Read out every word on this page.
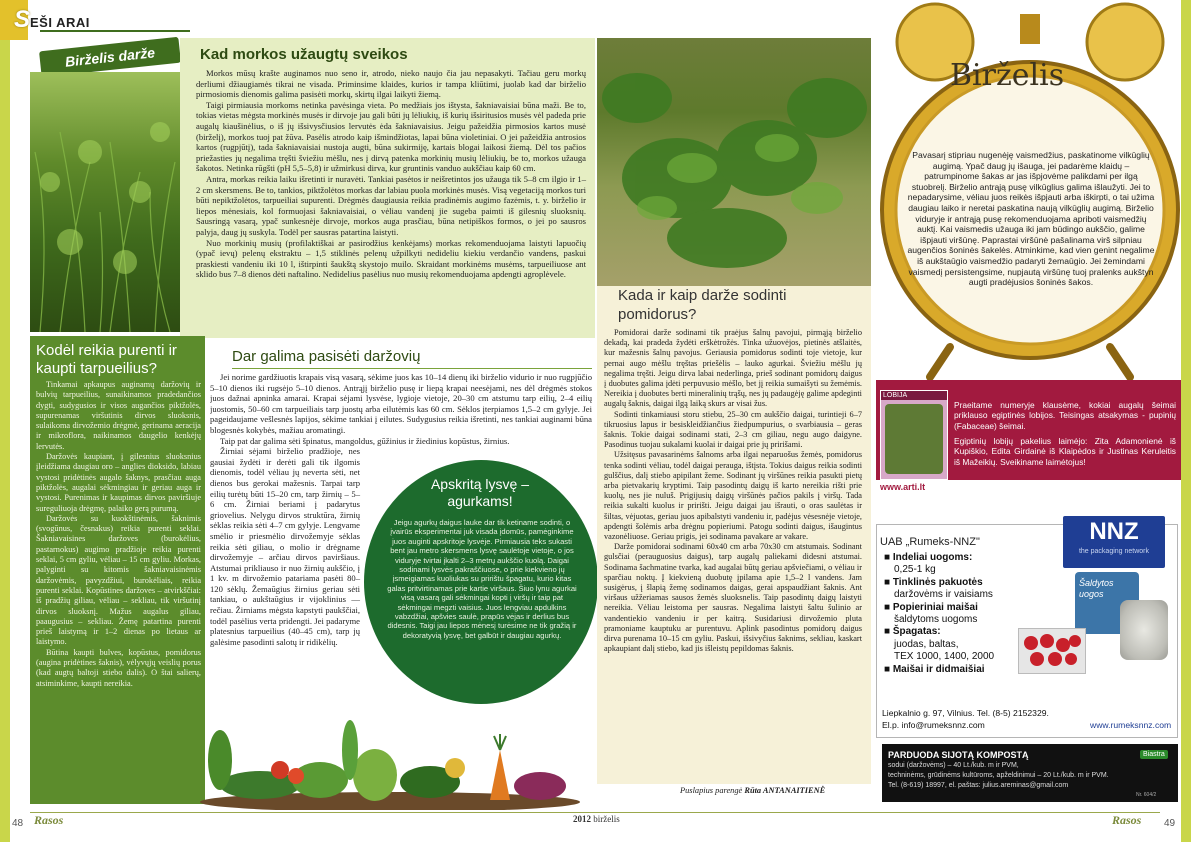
SEŠI ARAI
Birželis darže	Kad morkos užaugtų sveikos

Morkos mūsų krašte auginamos nuo seno ir, atrodo, nieko naujo čia jau nepasakyti. Tačiau geru morkų derliumi džiaugiamės tikrai ne visada. Priminsime klaides, kurios ir tampa kliūtimi, juolab kad dar birželio pirmosiomis dienomis galima pasisėti morkų, skirtų ilgai laikyti žiemą.

Taigi pirmiausia morkoms netinka pavėsinga vieta. Po medžiais jos ištysta, šakniavaisiai būna maži. Be to, tokias vietas mėgsta morkinės musės ir dirvoje jau gali būti jų lėliukių, iš kurių išsiritusios musės vėl padeda prie augalų kiaušinėlius, o iš jų išsivysčiusios lervutės ėda šakniavaisius. Jeigu pažeidžia pirmosios kartos musė (birželį), morkos tuoj pat žūva. Pasėlis atrodo kaip išmindžiotas, lapai būna violetiniai. O jei pažeidžia antrosios kartos (rugpjūtį), tada šakniavaisiai nustoja augti, būna sukirmiję, kartais blogai laikosi žiemą. Dėl tos pačios priežasties jų negalima tręšti šviežiu mėšlu, nes į dirvą patenka morkinių musių lėliukių, be to, morkos užauga šakotos. Netinka rūgšti (pH 5,5–5,8) ir užmirkusi dirva, kur gruntinis vanduo aukščiau kaip 60 cm.

Antra, morkas reikia laiku išretinti ir nuravėti. Tankiai pasėtos ir neišretintos jos užauga tik 5–8 cm ilgio ir 1–2 cm skersmens. Be to, tankios, piktžolėtos morkas dar labiau puola morkinės musės. Visą vegetaciją morkos turi būti nepiktžolėtos, tarpueiliai supurenti. Drėgmės daugiausia reikia pradinėmis augimo fazėmis, t. y. birželio ir liepos mėnesiais, kol formuojasi šakniavaisiai, o vėliau vandenį jie sugeba paimti iš gilesnių sluoksnių. Sausringą vasarą, ypač sunkesnėje dirvoje, morkos auga prasčiau, būna netipiškos formos, o jei po sausros palyja, daug jų suskyla. Todėl per sausras patartina laistyti.

Nuo morkinių musių (profilaktiškai ar pasirodžius kenkėjams) morkas rekomenduojama laistyti lapuočių (ypač ievų) pelenų ekstraktu – 1,5 stiklinės pelenų užpilkyti nedideliu kiekiu verdančio vandens, paskui praskiesti vandeniu iki 10 l, ištirpinti šaukštą skystojo muilo. Skraidant morkinėms musėms, tarpueiliuose ant sklido bus 7–8 dienos dėti naftalino. Nedidelius pasėlius nuo musių rekomenduojama apdengti agroplėvele.

Kodėl reikia purenti ir kaupti tarpueilius?

Tinkamai apkaupus auginamų daržovių ir bulvių tarpueilius, sunaikinamos pradedančios dygti, sudygusios ir visos augančios piktžolės, supurenamas viršutinis dirvos sluoksnis, sulaikoma dirvožemio drėgmė, gerinama aeracija ir mikroflora, naikinamos daugelio kenkėjų lervutės.

Daržovės kaupiant, į gilesnius sluoksnius įleidžiama daugiau oro – anglies dioksido, labiau vystosi pridėtinės augalo šaknys, prasčiau auga piktžolės, augalai sėkmingiau ir geriau auga ir vystosi. Purenimas ir kaupimas dirvos paviršiuje sureguliuoja drėgmę, palaiko gerą purumą.

Daržovės su kuokštinėmis, šaknimis (svogūnus, česnakus) reikia purenti seklai. Šakniavaisines daržoves (burokėlius, pastarnokus) augimo pradžioje reikia purenti seklai, 5 cm gyliu, vėliau – 15 cm gyliu. Morkas, palyginti su kitomis šakniavaisinėmis daržovėmis, pavyzdžiui, burokėliais, reikia purenti seklai. Kopūstines daržoves – atvirkščiai: iš pradžių giliau, vėliau – sekliau, tik viršutinį dirvos sluoksnį. Mažus augalus giliau, paaugusius – sekliau. Žemę patartina purenti prieš laistymą ir 1–2 dienas po lietaus ar laistymo.

Būtina kaupti bulves, kopūstus, pomidorus (augina pridėtines šaknis), vėlyvųjų veislių porus (kad augtų baltoji stiebo dalis). O štai salierų, atsiminkime, kaupti nereikia.

Dar galima pasisėti daržovių

Jei norime gardžiuotis krapais visą vasarą, sėkime juos kas 10–14 dienų iki birželio vidurio ir nuo rugpjūčio 5–10 dienos iki rugsėjo 5–10 dienos. Antrąjį birželio pusę ir liepą krapai neesėjami, nes dėl drėgmės stokos juos dažnai apninka amarai. Krapai sėjami lysvėse, lygioje vietoje, 20–30 cm atstumu tarp eilių, 2–4 eilių juostomis, 50–60 cm tarpueiliais tarp juostų arba eilutėmis kas 60 cm. Sėklos įterpiamos 1,5–2 cm gylyje. Jei pageidaujame vešlesnės lapijos, sėkime tankiai į eilutes. Sudygusius reikia išretinti, nes tankiai auginami būna blogesnės kokybės, mažiau aromatingi.

Taip pat dar galima sėti špinatus, mangoldus, gūžinius ir žiedinius kopūstus, žirnius.

Žirniai sėjami birželio pradžioje, nes gausiai žydėti ir derėti gali tik ilgomis dienomis, todėl vėliau jų neverta sėti, net dienos bus gerokai mažesnis. Tarpai tarp eilių turėtų būti 15–20 cm, tarp žirnių – 5–6 cm. Žirniai beriami į padarytus griovelius. Nelygu dirvos struktūra, žirnių sėklas reikia sėti 4–7 cm gylyje. Lengvame smėlio ir priesmėlio dirvožemyje sėklas reikia sėti giliau, o molio ir drėgname dirvožemyje – arčiau dirvos paviršiaus. Atstumai prikliauso ir nuo žirnių aukščio, į 1 kv. m dirvožemio patariama pasėti 80–120 sėklų. Žemaūgius žirnius geriau sėti tankiau, o aukštaūgius ir vijoklinius — rečiau. Žirniams mėgsta kapstyti paukščiai, todėl pasėlius verta pridengti. Jei padaryme platesnius tarpueilius (40–45 cm), tarp jų galėsime pasodinti salotų ir ridikėlių.

Apskritą lysvę –
agurkams!
Jeigu agurkų daigus lauke dar tik ketiname sodinti, o įvairūs eksperimentai juk visada įdomūs, pamėginkime juos auginti apskritoje lysvėje. Pirmiausia teks sukasti bent jau metro skersmens lysvę saulėtoje vietoje, o jos viduryje tvirtai įkalti 2–3 metrų aukščio kuolą. Daigai sodinami lysvės pakraščiuose, o prie kiekvieno jų įsmeigiamas kuoliukas su pririštu špagatu, kurio kitas galas pritvirtinamas prie kartie viršaus. Šiuo lynu agurkai visą vasarą gali sėkmingai kopti į viršų ir taip pat sėkmingai megzti vaisius. Juos lengviau apdulkins vabzdžiai, apšvies saulė, prapūs vėjas ir derlius bus didesnis. Taigi jau liepos mėnesį turėsime ne tik gražią ir dekoratyvią lysvę, bet galbūt ir daugiau agurkų.
Kada ir kaip darže sodinti
pomidorus?

Pomidorai darže sodinami tik praėjus šalnų pavojui, pirmąją birželio dekadą, kai pradeda žydėti erškėtrožės. Tinka užuovėjos, pietinės atšlaitės, kur mažesnis šalnų pavojus. Geriausia pomidorus sodinti toje vietoje, kur pernai augo mėšlu tręštas priešėlis – lauko agurkai. Šviežiu mėšlu jų negalima tręšti. Jeigu dirva labai nederlinga, prieš sodinant pomidorų daigus į duobutes galima įdėti perpuvusio mėšlo, bet jį reikia sumaišyti su žemėmis. Nereikia į duobutes berti mineralinių trąšų, nes jų padaugėję galime apdeginti augalų šaknis, daigai ilgą laiką skurs ar visai žus.

Sodinti tinkamiausi storu stiebu, 25–30 cm aukščio daigai, turintieji 6–7 tikruosius lapus ir besiskleidžiančius žiedpumpurius, o svarbiausia – geras šaknis. Tokie daigai sodinami stati, 2–3 cm giliau, negu augo daigyne. Pasodinus tuojau sukalami kuolai ir daigai prie jų pririšami.

Užsitęsus pavasarinėms šalnoms arba ilgai neparuošus žemės, pomidorus tenka sodinti vėliau, todėl daigai perauga, ištįsta. Tokius daigus reikia sodinti gulščius, dalį stiebo apipilant žeme. Sodinant jų viršūnes reikia pasukti pietų arba pietvakarių kryptimi. Taip pasodintų daigų iš karto nereikia rišti prie kuolų, nes jie nuluš. Prigijusių daigų viršūnės pačios pakils į viršų. Tada reikia sukalti kuolus ir pririšti. Jeigu daigai jau išrauti, o oras saulėtas ir šiltas, vėjuotas, geriau juos apibalstyti vandeniu ir, padėjus vėsesnėje vietoje, apdengti šolėmis arba drėgnu popieriumi. Patogu sodinti daigus, išaugintus vazonėliuose. Geriau prigis, jei sodinama pavakare ar vakare.

Darže pomidorai sodinami 60x40 cm arba 70x30 cm atstumais. Sodinant gulsčiai (perauguosius daigus), tarp augalų paliekami didesni atstumai. Sodinama šachmatine tvarka, kad augalai būtų geriau apšviečiami, o vėliau ir sparčiau noktų. Į kiekvieną duobutę įpilama apie 1,5–2 l vandens. Jam susigėrus, į šlapią žemę sodinamos daigas, gerai apspaudžiant šaknis. Ant viršaus užžeriamas sausos žemės sluoksnelis. Taip pasodintų daigų laistyti nereikia. Vėliau leistoma per sausras. Negalima laistyti šaltu šulinio ar vandentiekio vandeniu ir per kaitrą. Susidariusi dirvožemio pluta pramoniame kauptuku ar purentuvu. Aplink pasodintus pomidorų daigus dirva purenama 10–15 cm gyliu. Paskui, išsivyčius šaknims, sekliau, kaskart apkaupiant dalį stiebo, kad jis išleistų pepildomas šaknis.

Puslapius parengė Rūta ANTANAITIENĖ
Birželis
Pavasarį stipriau nugenėję vaismedžius, paskatinome vilkūglių augimą. Ypač daug jų išauga, jei padarėme klaidų – patrumpinome šakas ar jas išpjovėme palikdami per ilgą stuobrelį. Birželio antrąją pusę vilkūglius galima išlaužyti. Jei to nepadarysime, vėliau juos reikės išpjauti arba iškirpti, o tai užima daugiau laiko ir neretai paskatina naują vilkūglių augimą. Birželio viduryje ir antrąją pusę rekomenduojama apriboti vaismedžių auktį. Kai vaismedis užauga iki jam būdingo aukščio, galime išpjauti viršūnę. Paprastai viršūnė pašalinama virš silpniau augenčios šoninės šakelės. Atminkime, kad vien genint negalime iš aukštaūgio vaismedžio padaryti žemaūgio. Jei žemindami vaismedį persistengsime, nupjautą viršūnę tuoj pralenks aukštyn augti pradėjusios šoninės šakos.
LOBIJA
Praeitame numeryje klausėme, kokiai augalų šeimai priklauso egiptinės lobijos. Teisingas atsakymas - pupinių (Fabaceae) šeimai.
Egiptinių lobijų pakelius laimėjo: Zita Adamonienė iš Kupiškio, Edita Girdainė iš Klaipėdos ir Justinas Keruleitis iš Mažeikių. Sveikiname laimėtojus!
www.arti.lt
UAB „Rumeks-NNZ"	NNZ
the packaging network
■ Indeliai uogoms:
0,25-1 kg
■ Tinklinės pakuotės
daržovėms ir vaisiams
■ Popieriniai maišai
šaldytoms uogoms
■ Špagatas:
juodas, baltas,
TEX 1000, 1400, 2000
■ Maišai ir didmaišiai
Šaldytos uogos
Liepkalnio g. 97, Vilnius. Tel. (8-5) 2152329.
El.p. info@rumeksnnz.com	www.rumeksnnz.com
PARDUODA SIJOTĄ KOMPOSTĄ
sodui (daržovėms) – 40 Lt./kub. m ir PVM,
techninėms, grūdinėms kultūroms, apželdinimui – 20 Lt./kub. m ir PVM.
Tel. (8-619) 18997, el. paštas: julius.areminas@gmail.com
Biastra
Nr. 604/2
48 Rasos	2012 birželis	Rasos 49
